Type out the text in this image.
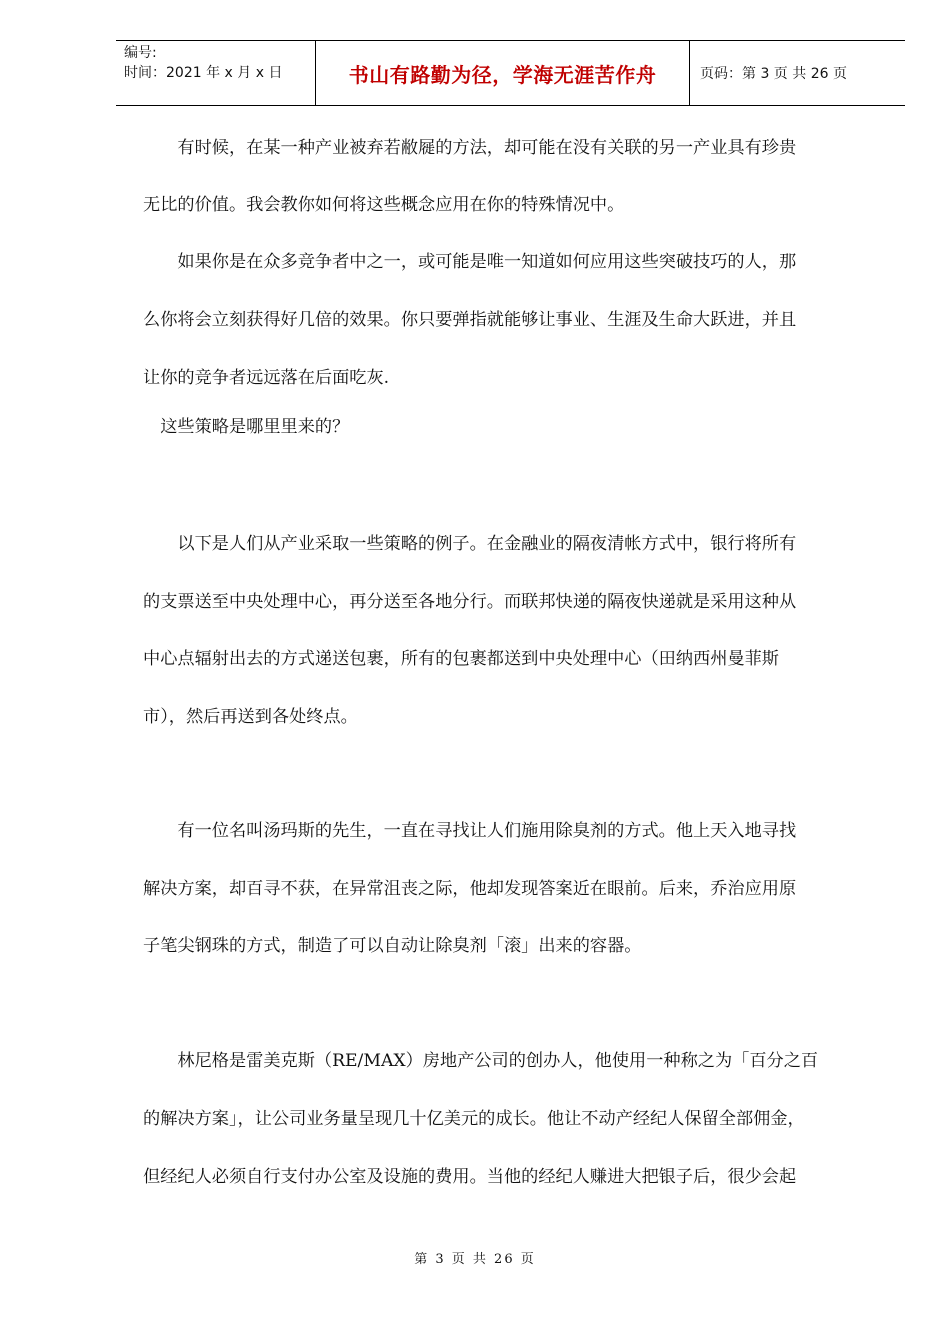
编号:
时间：2021 年 x 月 x 日	书山有路勤为径，学海无涯苦作舟	页码：第 3 页 共 26 页

　　有时候，在某一种产业被弃若敝屣的方法，却可能在没有关联的另一产业具有珍贵

无比的价值。我会教你如何将这些概念应用在你的特殊情况中。

　　如果你是在众多竞争者中之一，或可能是唯一知道如何应用这些突破技巧的人，那

么你将会立刻获得好几倍的效果。你只要弹指就能够让事业、生涯及生命大跃进，并且

让你的竞争者远远落在后面吃灰.

　这些策略是哪里里来的？

　　以下是人们从产业采取一些策略的例子。在金融业的隔夜清帐方式中，银行将所有

的支票送至中央处理中心，再分送至各地分行。而联邦快递的隔夜快递就是采用这种从

中心点辐射出去的方式递送包裹，所有的包裹都送到中央处理中心（田纳西州曼菲斯

市），然后再送到各处终点。

　　有一位名叫汤玛斯的先生，一直在寻找让人们施用除臭剂的方式。他上天入地寻找

解决方案，却百寻不获，在异常沮丧之际，他却发现答案近在眼前。后来，乔治应用原

子笔尖钢珠的方式，制造了可以自动让除臭剂「滚」出来的容器。

　　林尼格是雷美克斯（RE/MAX）房地产公司的创办人，他使用一种称之为「百分之百

的解决方案」，让公司业务量呈现几十亿美元的成长。他让不动产经纪人保留全部佣金，

但经纪人必须自行支付办公室及设施的费用。当他的经纪人赚进大把银子后，很少会起

第 3 页 共 26 页
